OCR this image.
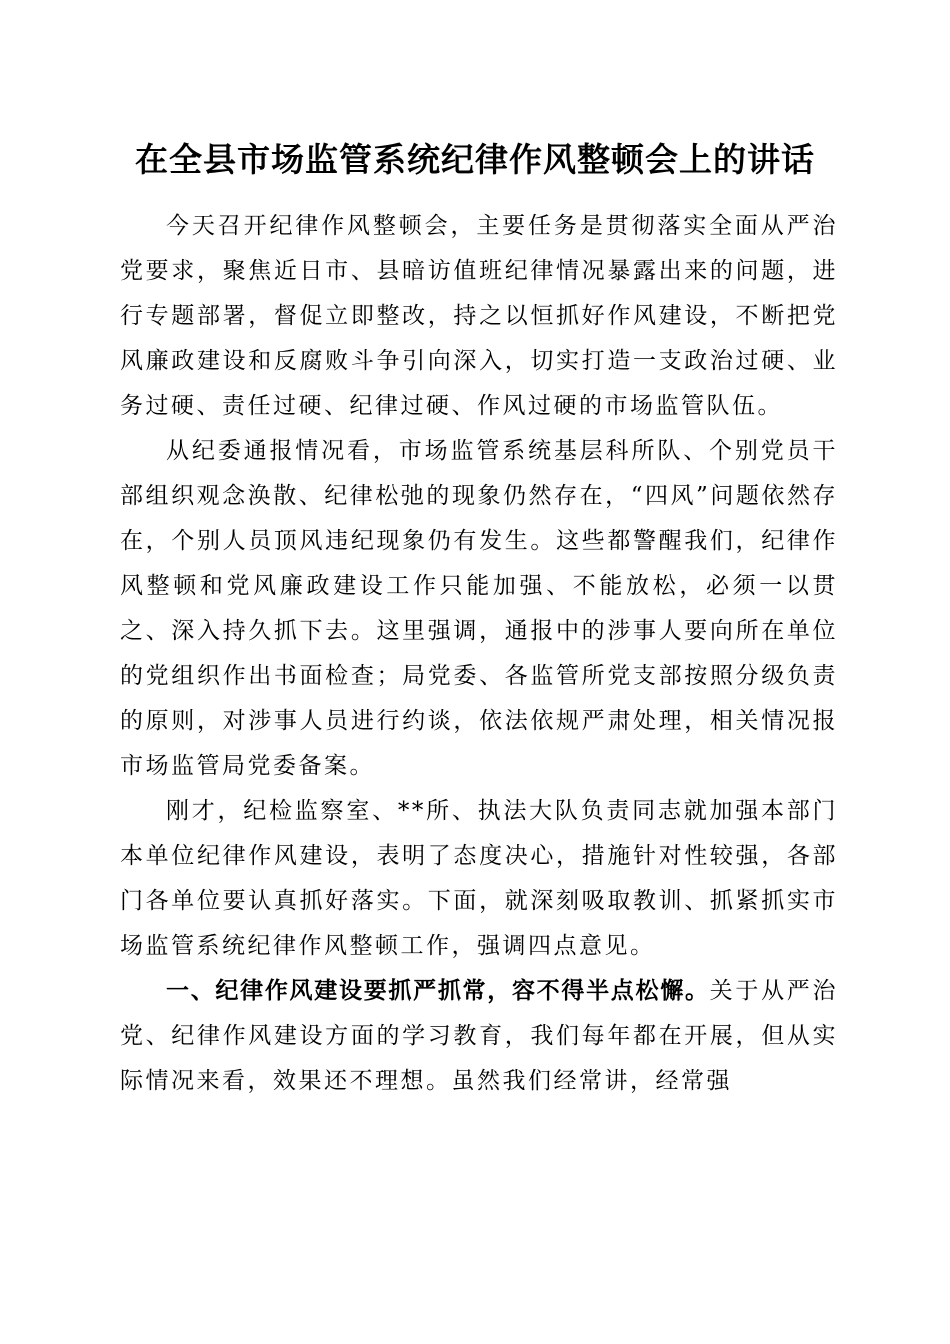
在全县市场监管系统纪律作风整顿会上的讲话

今天召开纪律作风整顿会，主要任务是贯彻落实全面从严治党要求，聚焦近日市、县暗访值班纪律情况暴露出来的问题，进行专题部署，督促立即整改，持之以恒抓好作风建设，不断把党风廉政建设和反腐败斗争引向深入，切实打造一支政治过硬、业务过硬、责任过硬、纪律过硬、作风过硬的市场监管队伍。

从纪委通报情况看，市场监管系统基层科所队、个别党员干部组织观念涣散、纪律松弛的现象仍然存在，“四风”问题依然存在，个别人员顶风违纪现象仍有发生。这些都警醒我们，纪律作风整顿和党风廉政建设工作只能加强、不能放松，必须一以贯之、深入持久抓下去。这里强调，通报中的涉事人要向所在单位的党组织作出书面检查；局党委、各监管所党支部按照分级负责的原则，对涉事人员进行约谈，依法依规严肃处理，相关情况报市场监管局党委备案。

刚才，纪检监察室、**所、执法大队负责同志就加强本部门本单位纪律作风建设，表明了态度决心，措施针对性较强，各部门各单位要认真抓好落实。下面，就深刻吸取教训、抓紧抓实市场监管系统纪律作风整顿工作，强调四点意见。

一、纪律作风建设要抓严抓常，容不得半点松懈。关于从严治党、纪律作风建设方面的学习教育，我们每年都在开展，但从实际情况来看，效果还不理想。虽然我们经常讲，经常强
